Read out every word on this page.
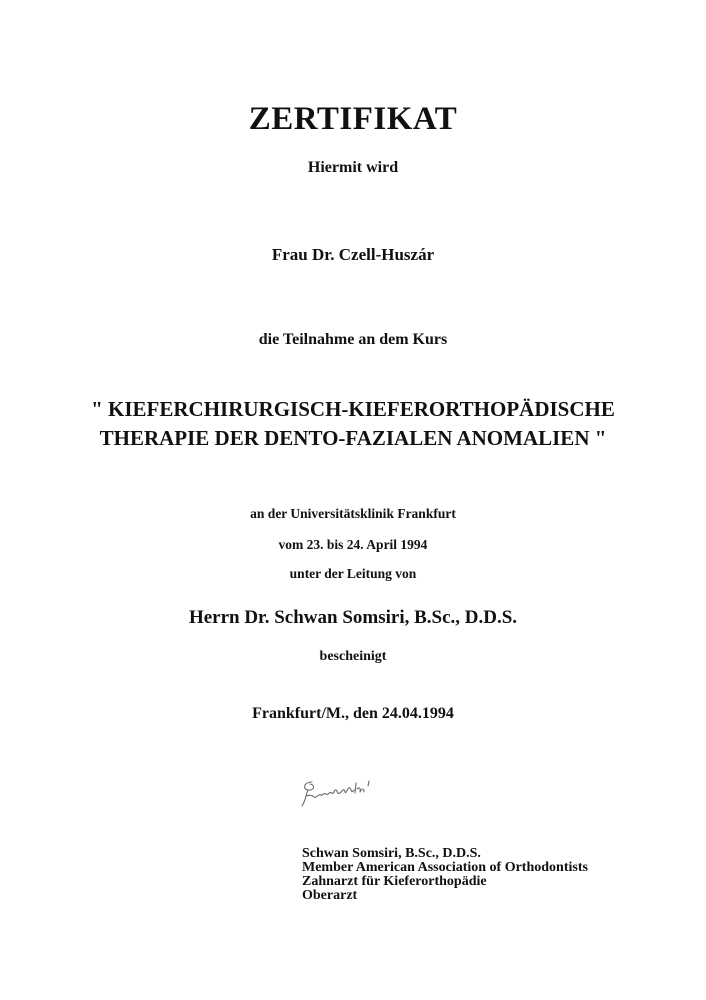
ZERTIFIKAT
Hiermit wird
Frau Dr. Czell-Huszár
die Teilnahme an dem Kurs
" KIEFERCHIRURGISCH-KIEFERORTHOPÄDISCHE
THERAPIE DER DENTO-FAZIALEN ANOMALIEN "
an der Universitätsklinik Frankfurt
vom 23. bis 24. April 1994
unter der Leitung von
Herrn Dr. Schwan Somsiri, B.Sc., D.D.S.
bescheinigt
Frankfurt/M., den 24.04.1994
Schwan Somsiri, B.Sc., D.D.S.
Member American Association of Orthodontists
Zahnarzt für Kieferorthopädie
Oberarzt
